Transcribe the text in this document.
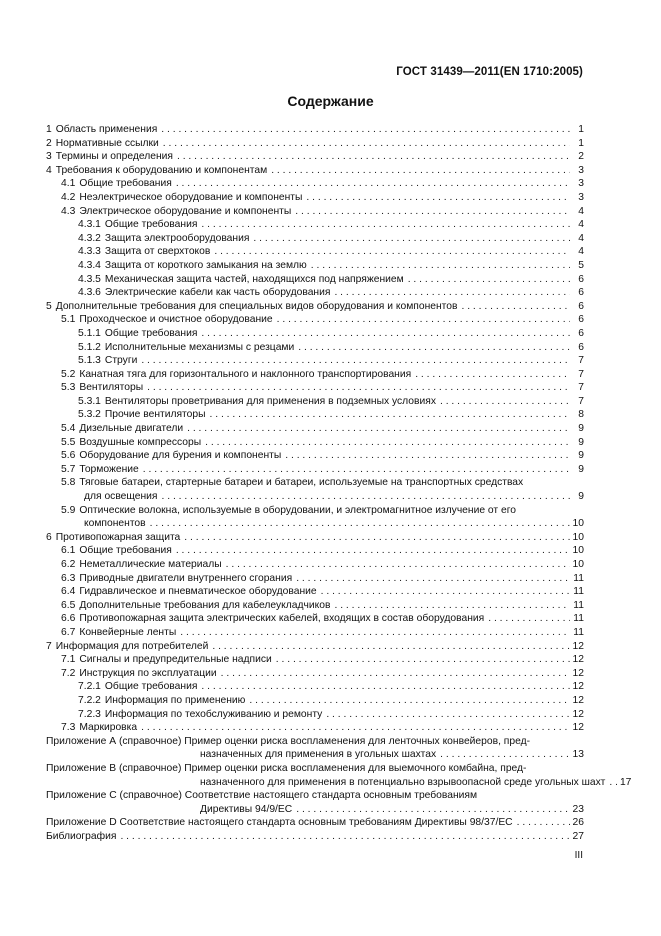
ГОСТ 31439—2011(EN 1710:2005)
Содержание
1 Область применения . . .	1
2 Нормативные ссылки . . .	1
3 Термины и определения . . .	2
4 Требования к оборудованию и компонентам . . .	3
4.1 Общие требования . . .	3
4.2 Неэлектрическое оборудование и компоненты . . .	3
4.3 Электрическое оборудование и компоненты . . .	4
4.3.1 Общие требования . . .	4
4.3.2 Защита электрооборудования . . .	4
4.3.3 Защита от сверхтоков . . .	4
4.3.4 Защита от короткого замыкания на землю . . .	5
4.3.5 Механическая защита частей, находящихся под напряжением . . .	6
4.3.6 Электрические кабели как часть оборудования . . .	6
5 Дополнительные требования для специальных видов оборудования и компонентов . . .	6
5.1 Проходческое и очистное оборудование . . .	6
5.1.1 Общие требования . . .	6
5.1.2 Исполнительные механизмы с резцами . . .	6
5.1.3 Струги . . .	7
5.2 Канатная тяга для горизонтального и наклонного транспортирования . . .	7
5.3 Вентиляторы . . .	7
5.3.1 Вентиляторы проветривания для применения в подземных условиях . . .	7
5.3.2 Прочие вентиляторы . . .	8
5.4 Дизельные двигатели . . .	9
5.5 Воздушные компрессоры . . .	9
5.6 Оборудование для бурения и компоненты . . .	9
5.7 Торможение . . .	9
5.8 Тяговые батареи, стартерные батареи и батареи, используемые на транспортных средствах
для освещения . . .	9
5.9 Оптические волокна, используемые в оборудовании, и электромагнитное излучение от его
компонентов . . .	10
6 Противопожарная защита . . .	10
6.1 Общие требования . . .	10
6.2 Неметаллические материалы . . .	10
6.3 Приводные двигатели внутреннего сгорания . . .	11
6.4 Гидравлическое и пневматическое оборудование . . .	11
6.5 Дополнительные требования для кабелеукладчиков . . .	11
6.6 Противопожарная защита электрических кабелей, входящих в состав оборудования . . .	11
6.7 Конвейерные ленты . . .	11
7 Информация для потребителей . . .	12
7.1 Сигналы и предупредительные надписи . . .	12
7.2 Инструкция по эксплуатации . . .	12
7.2.1 Общие требования . . .	12
7.2.2 Информация по применению . . .	12
7.2.3 Информация по техобслуживанию и ремонту . . .	12
7.3 Маркировка . . .	12
Приложение А (справочное) Пример оценки риска воспламенения для ленточных конвейеров, пред-
назначенных для применения в угольных шахтах . . .	13
Приложение В (справочное) Пример оценки риска воспламенения для выемочного комбайна, пред-
назначенного для применения в потенциально взрывоопасной среде угольных шахт . . . 17
Приложение С (справочное) Соответствие настоящего стандарта основным требованиям
Директивы 94/9/ЕС . . .	23
Приложение D Соответствие настоящего стандарта основным требованиям Директивы 98/37/ЕС . . .	26
Библиография . . .	27
III
